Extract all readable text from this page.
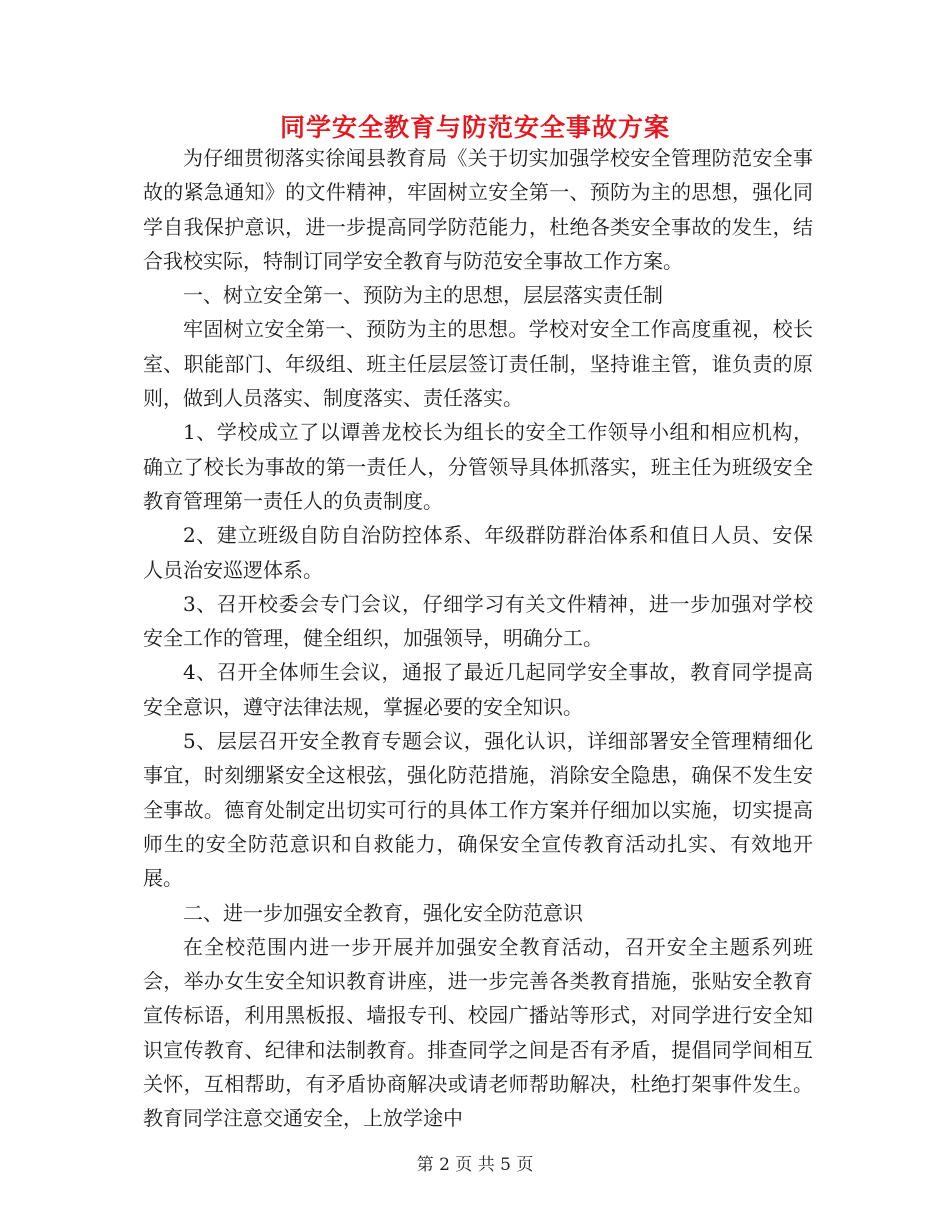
同学安全教育与防范安全事故方案

为仔细贯彻落实徐闻县教育局《关于切实加强学校安全管理防范安全事故的紧急通知》的文件精神，牢固树立安全第一、预防为主的思想，强化同学自我保护意识，进一步提高同学防范能力，杜绝各类安全事故的发生，结合我校实际，特制订同学安全教育与防范安全事故工作方案。

一、树立安全第一、预防为主的思想，层层落实责任制

牢固树立安全第一、预防为主的思想。学校对安全工作高度重视，校长室、职能部门、年级组、班主任层层签订责任制，坚持谁主管，谁负责的原则，做到人员落实、制度落实、责任落实。

1、学校成立了以谭善龙校长为组长的安全工作领导小组和相应机构，确立了校长为事故的第一责任人，分管领导具体抓落实，班主任为班级安全教育管理第一责任人的负责制度。

2、建立班级自防自治防控体系、年级群防群治体系和值日人员、安保人员治安巡逻体系。

3、召开校委会专门会议，仔细学习有关文件精神，进一步加强对学校安全工作的管理，健全组织，加强领导，明确分工。

4、召开全体师生会议，通报了最近几起同学安全事故，教育同学提高安全意识，遵守法律法规，掌握必要的安全知识。

5、层层召开安全教育专题会议，强化认识，详细部署安全管理精细化事宜，时刻绷紧安全这根弦，强化防范措施，消除安全隐患，确保不发生安全事故。德育处制定出切实可行的具体工作方案并仔细加以实施，切实提高师生的安全防范意识和自救能力，确保安全宣传教育活动扎实、有效地开展。

二、进一步加强安全教育，强化安全防范意识

在全校范围内进一步开展并加强安全教育活动，召开安全主题系列班会，举办女生安全知识教育讲座，进一步完善各类教育措施，张贴安全教育宣传标语，利用黑板报、墙报专刊、校园广播站等形式，对同学进行安全知识宣传教育、纪律和法制教育。排查同学之间是否有矛盾，提倡同学间相互关怀，互相帮助，有矛盾协商解决或请老师帮助解决，杜绝打架事件发生。教育同学注意交通安全，上放学途中

第 2 页 共 5 页
